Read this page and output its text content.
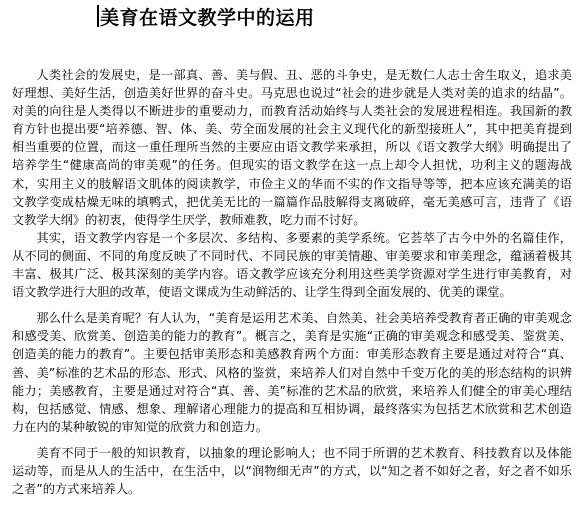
美育在语文教学中的运用

人类社会的发展史，是一部真、善、美与假、丑、恶的斗争史，是无数仁人志士舍生取义，追求美好理想、美好生活，创造美好世界的奋斗史。马克思也说过“社会的进步就是人类对美的追求的结晶”。对美的向往是人类得以不断进步的重要动力，而教育活动始终与人类社会的发展进程相连。我国新的教育方针也提出要“培养德、智、体、美、劳全面发展的社会主义现代化的新型接班人”，其中把美育提到相当重要的位置，而这一重任理所当然的主要应由语文教学来承担，所以《语文教学大纲》明确提出了培养学生“健康高尚的审美观”的任务。但现实的语文教学在这一点上却令人担忧，功利主义的题海战术，实用主义的肢解语文肌体的阅读教学，市俭主义的华而不实的作文指导等等，把本应该充满美的语文教学变成枯燥无味的填鸭式，把优美无比的一篇篇作品肢解得支离破碎，毫无美感可言，违背了《语文教学大纲》的初衷，使得学生厌学，教师难教，吃力而不讨好。

其实，语文教学内容是一个多层次、多结构、多要素的美学系统。它荟萃了古今中外的名篇佳作，从不同的侧面、不同的角度反映了不同时代、不同民族的审美情趣、审美要求和审美理念，蕴涵着极其丰富、极其广泛、极其深刻的美学内容。语文教学应该充分利用这些美学资源对学生进行审美教育，对语文教学进行大胆的改革，使语文课成为生动鲜活的、让学生得到全面发展的、优美的课堂。

那么什么是美育呢？有人认为，“美育是运用艺术美、自然美、社会美培养受教育者正确的审美观念和感受美、欣赏美、创造美的能力的教育”。概言之，美育是实施“正确的审美观念和感受美、鉴赏美、创造美的能力的教育”。主要包括审美形态和美感教育两个方面：审美形态教育主要是通过对符合“真、善、美”标准的艺术品的形态、形式、风格的鉴赏，来培养人们对自然中千变万化的美的形态结构的识辨能力；美感教育，主要是通过对符合“真、善、美”标准的艺术品的欣赏，来培养人们健全的审美心理结构，包括感觉、情感、想象、理解诸心理能力的提高和互相协调，最终落实为包括艺术欣赏和艺术创造力在内的某种敏锐的审知觉的欣赏力和创造力。

美育不同于一般的知识教育，以抽象的理论影响人；也不同于所谓的艺术教育、科技教育以及体能运动等，而是从人的生活中，在生活中，以“润物细无声”的方式，以“知之者不如好之者，好之者不如乐之者”的方式来培养人。
